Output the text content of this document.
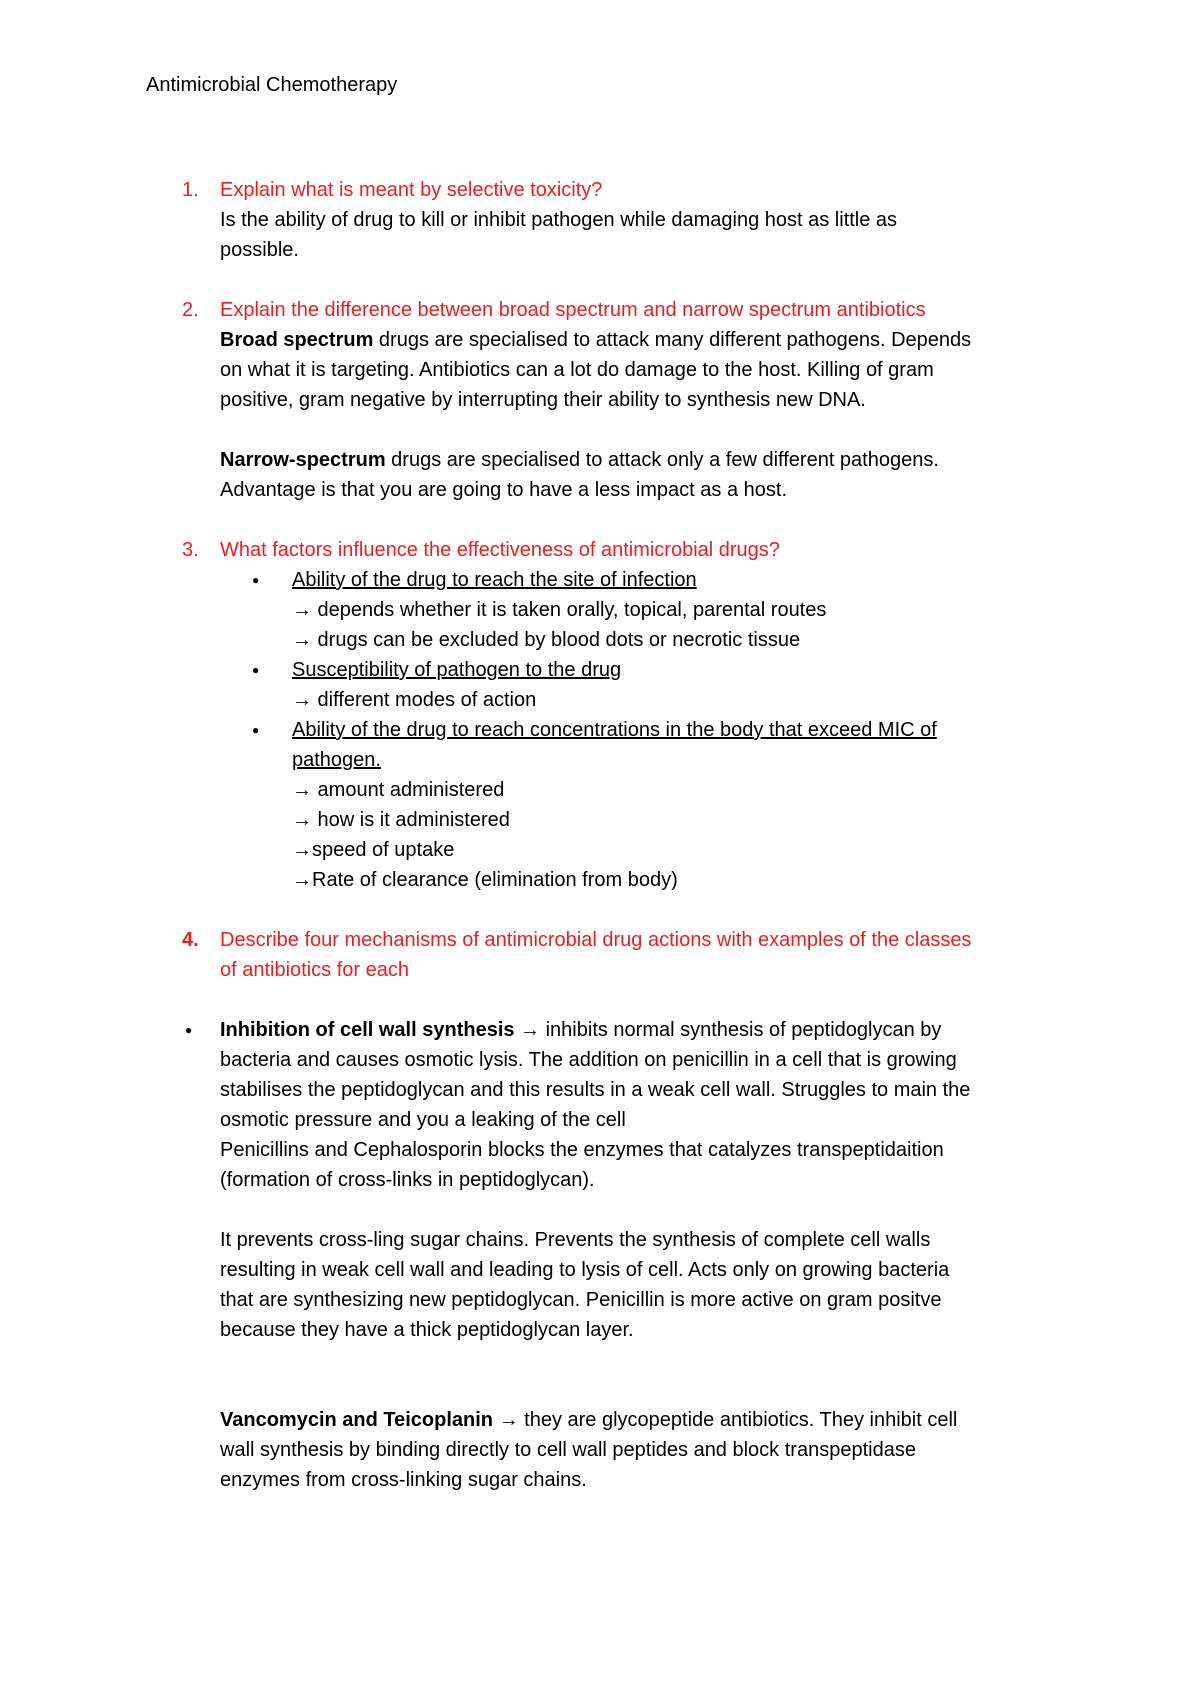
Antimicrobial Chemotherapy
1. Explain what is meant by selective toxicity?
Is the ability of drug to kill or inhibit pathogen while damaging host as little as
possible.
2. Explain the difference between broad spectrum and narrow spectrum antibiotics
Broad spectrum drugs are specialised to attack many different pathogens. Depends
on what it is targeting. Antibiotics can a lot do damage to the host. Killing of gram
positive, gram negative by interrupting their ability to synthesis new DNA.
Narrow-spectrum drugs are specialised to attack only a few different pathogens.
Advantage is that you are going to have a less impact as a host.
3. What factors influence the effectiveness of antimicrobial drugs?
● Ability of the drug to reach the site of infection
→ depends whether it is taken orally, topical, parental routes
→ drugs can be excluded by blood dots or necrotic tissue
● Susceptibility of pathogen to the drug
→ different modes of action
● Ability of the drug to reach concentrations in the body that exceed MIC of
pathogen.
→ amount administered
→ how is it administered
→speed of uptake
→Rate of clearance (elimination from body)
4. Describe four mechanisms of antimicrobial drug actions with examples of the classes
of antibiotics for each
● Inhibition of cell wall synthesis → inhibits normal synthesis of peptidoglycan by
bacteria and causes osmotic lysis. The addition on penicillin in a cell that is growing
stabilises the peptidoglycan and this results in a weak cell wall. Struggles to main the
osmotic pressure and you a leaking of the cell
Penicillins and Cephalosporin blocks the enzymes that catalyzes transpeptidaition
(formation of cross-links in peptidoglycan).
It prevents cross-ling sugar chains. Prevents the synthesis of complete cell walls
resulting in weak cell wall and leading to lysis of cell. Acts only on growing bacteria
that are synthesizing new peptidoglycan. Penicillin is more active on gram positve
because they have a thick peptidoglycan layer.
Vancomycin and Teicoplanin → they are glycopeptide antibiotics. They inhibit cell
wall synthesis by binding directly to cell wall peptides and block transpeptidase
enzymes from cross-linking sugar chains.
